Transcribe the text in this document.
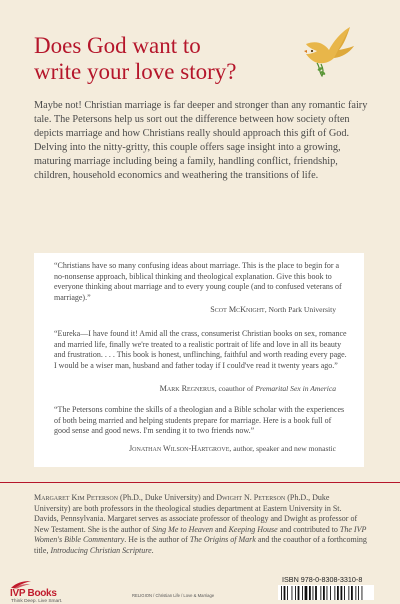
Does God want to
write your love story?

Maybe not! Christian marriage is far deeper and stronger than any romantic fairy tale. The Petersons help us sort out the difference between how society often depicts marriage and how Christians really should approach this gift of God. Delving into the nitty-gritty, this couple offers sage insight into a growing, maturing marriage including being a family, handling conflict, friendship, children, household economics and weathering the transitions of life.

“Christians have so many confusing ideas about marriage. This is the place to begin for a no-nonsense approach, biblical thinking and theological explanation. Give this book to everyone thinking about marriage and to every young couple (and to confused veterans of marriage).”

Scot McKnight, North Park University

“Eureka—I have found it! Amid all the crass, consumerist Christian books on sex, romance and married life, finally we're treated to a realistic portrait of life and love in all its beauty and frustration. . . . This book is honest, unflinching, faithful and worth reading every page. I would be a wiser man, husband and father today if I could've read it twenty years ago.”

Mark Regnerus, coauthor of Premarital Sex in America

“The Petersons combine the skills of a theologian and a Bible scholar with the experiences of both being married and helping students prepare for marriage. Here is a book full of good sense and good news. I'm sending it to two friends now.”

Jonathan Wilson-Hartgrove, author, speaker and new monastic

Margaret Kim Peterson (Ph.D., Duke University) and Dwight N. Peterson (Ph.D., Duke University) are both professors in the theological studies department at Eastern University in St. Davids, Pennsylvania. Margaret serves as associate professor of theology and Dwight as professor of New Testament. She is the author of Sing Me to Heaven and Keeping House and contributed to The IVP Women's Bible Commentary. He is the author of The Origins of Mark and the coauthor of a forthcoming title, Introducing Christian Scripture.

IVP Books
Think Deep. Live Smart.
RELIGION / Christian Life / Love & Marriage
ISBN 978-0-8308-3310-8
